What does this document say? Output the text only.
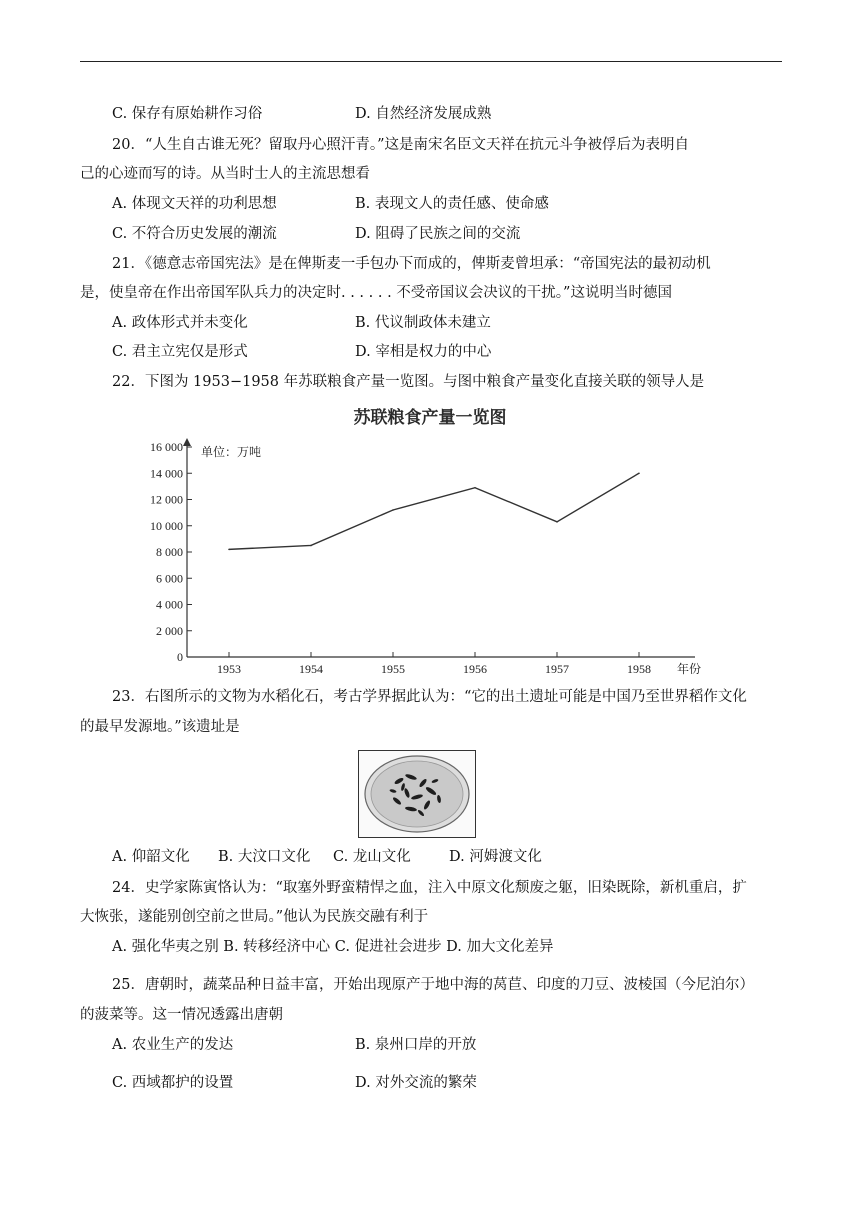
C. 保存有原始耕作习俗	D. 自然经济发展成熟
20．“人生自古谁无死？留取丹心照汗青。”这是南宋名臣文天祥在抗元斗争被俘后为表明自
己的心迹而写的诗。从当时士人的主流思想看
A. 体现文天祥的功利思想	B. 表现文人的责任感、使命感
C. 不符合历史发展的潮流	D. 阻碍了民族之间的交流
21．《德意志帝国宪法》是在俾斯麦一手包办下而成的，俾斯麦曾坦承：“帝国宪法的最初动机
是，使皇帝在作出帝国军队兵力的决定时. . . . . . 不受帝国议会决议的干扰。”这说明当时德国
A. 政体形式并未变化	B. 代议制政体未建立
C. 君主立宪仅是形式	D. 宰相是权力的中心
22．下图为 1953−1958 年苏联粮食产量一览图。与图中粮食产量变化直接关联的领导人是
苏联粮食产量一览图
单位：万吨
0
2 000
4 000
6 000
8 000
10 000
12 000
14 000
16 000
1953	1954	1955	1956	1957	1958 年份
23．右图所示的文物为水稻化石，考古学界据此认为：“它的出土遗址可能是中国乃至世界稻作文化
的最早发源地。”该遗址是
A. 仰韶文化 B. 大汶口文化 C. 龙山文化	D. 河姆渡文化
24．史学家陈寅恪认为：“取塞外野蛮精悍之血，注入中原文化颓废之躯，旧染既除，新机重启，扩
大恢张，遂能别创空前之世局。”他认为民族交融有利于
A. 强化华夷之别 B. 转移经济中心 C. 促进社会进步 D. 加大文化差异
25．唐朝时，蔬菜品种日益丰富，开始出现原产于地中海的莴苣、印度的刀豆、波棱国（今尼泊尔）
的菠菜等。这一情况透露出唐朝
A. 农业生产的发达	B. 泉州口岸的开放
C. 西域都护的设置	D. 对外交流的繁荣
